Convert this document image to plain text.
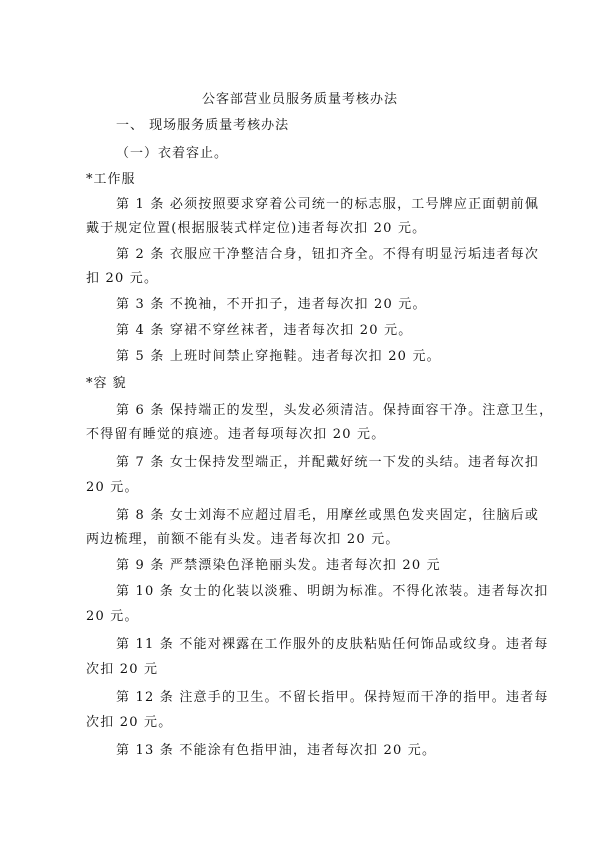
公客部营业员服务质量考核办法
一、 现场服务质量考核办法
（一）衣着容止。
*工作服
第 1 条 必须按照要求穿着公司统一的标志服，工号牌应正面朝前佩
戴于规定位置(根据服装式样定位)违者每次扣 20 元。
第 2 条 衣服应干净整洁合身，钮扣齐全。不得有明显污垢违者每次
扣 20 元。
第 3 条 不挽袖，不开扣子，违者每次扣 20 元。
第 4 条 穿裙不穿丝袜者，违者每次扣 20 元。
第 5 条 上班时间禁止穿拖鞋。违者每次扣 20 元。
*容 貌
第 6 条 保持端正的发型，头发必须清洁。保持面容干净。注意卫生，
不得留有睡觉的痕迹。违者每项每次扣 20 元。
第 7 条 女士保持发型端正，并配戴好统一下发的头结。违者每次扣
20 元。
第 8 条 女士刘海不应超过眉毛，用摩丝或黑色发夹固定，往脑后或
两边梳理，前额不能有头发。违者每次扣 20 元。
第 9 条 严禁漂染色泽艳丽头发。违者每次扣 20 元
第 10 条 女士的化装以淡雅、明朗为标准。不得化浓装。违者每次扣
20 元。
第 11 条 不能对裸露在工作服外的皮肤粘贴任何饰品或纹身。违者每
次扣 20 元
第 12 条 注意手的卫生。不留长指甲。保持短而干净的指甲。违者每
次扣 20 元。
第 13 条 不能涂有色指甲油，违者每次扣 20 元。
